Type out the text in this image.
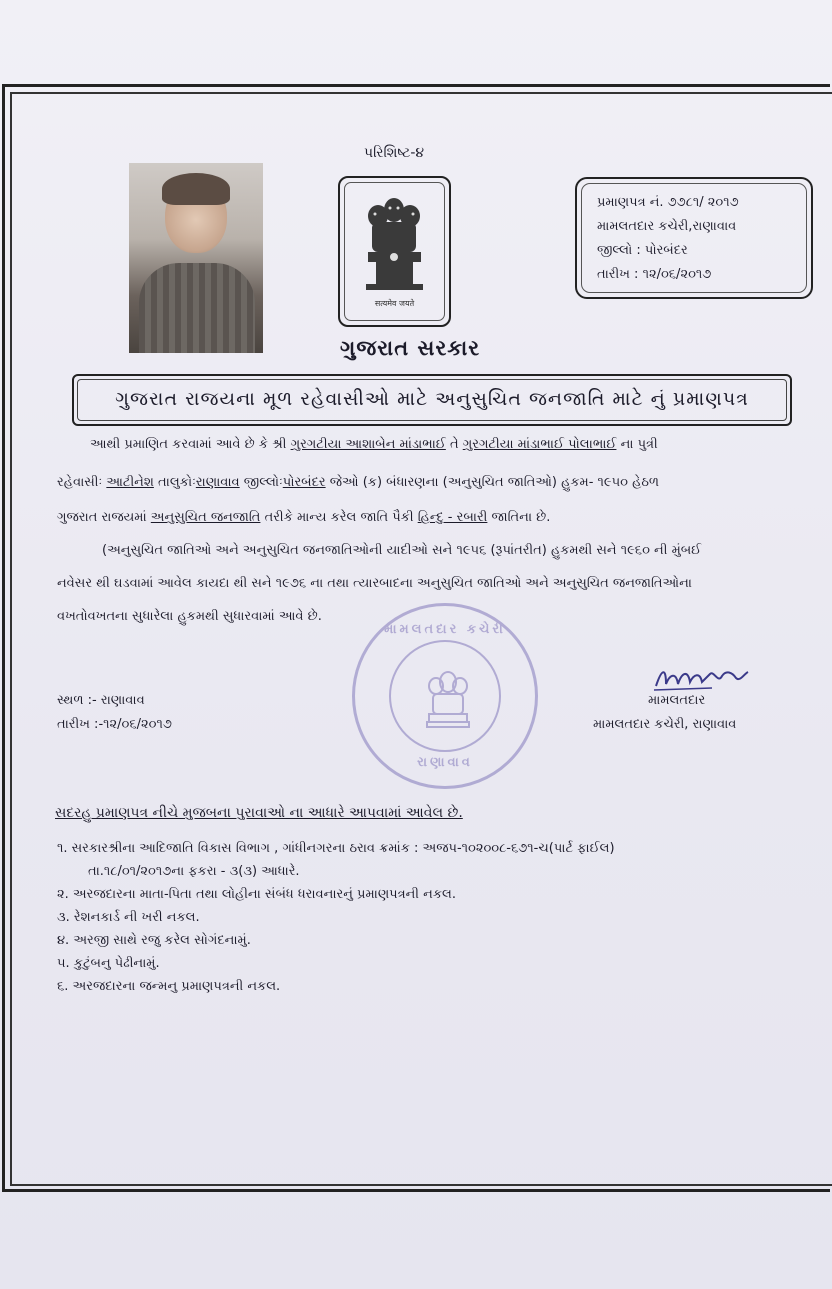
પરિશિષ્ટ-૪
सत्यमेव जयते
ગુજરાત સરકાર
પ્રમાણપત્ર નં. ૭૭૮૧/ ૨૦૧૭
મામલતદાર કચેરી,રાણાવાવ
જીલ્લો : પોરબંદર
તારીખ : ૧૨/૦૬/૨૦૧૭
ગુજરાત રાજયના મૂળ રહેવાસીઓ માટે અનુસુચિત જનજાતિ માટે નું પ્રમાણપત્ર
આથી પ્રમાણિત કરવામાં આવે છે કે શ્રી ગુરગટીયા આશાબેન માંડાભાઈ તે ગુરગટીયા માંડાભાઈ પોલાભાઈ ના પુત્રી
રહેવાસીઃ આટીનેશ તાલુકોઃરાણાવાવ જીલ્લોઃપોરબંદર જેઓ (ક) બંધારણના (અનુસુચિત જાતિઓ) હુકમ- ૧૯૫૦ હેઠળ
ગુજરાત રાજયમાં અનુસુચિત જનજાતિ તરીકે માન્ય કરેલ જાતિ પૈકી હિન્દુ - રબારી જાતિના છે.
(અનુસુચિત જાતિઓ અને અનુસુચિત જનજાતિઓની યાદીઓ સને ૧૯૫૬ (રૂપાંતરીત) હુકમથી સને ૧૯૬૦ ની મુંબઈ
નવેસર થી ઘડવામાં આવેલ કાયદા થી સને ૧૯૭૬ ના તથા ત્યારબાદના અનુસુચિત જાતિઓ અને અનુસુચિત જનજાતિઓના
વખતોવખતના સુધારેલા હુકમથી સુધારવામાં આવે છે.
મામલતદાર કચેરી
રાણાવાવ
મામલતદાર
મામલતદાર કચેરી, રાણાવાવ
સ્થળ :- રાણાવાવ
તારીખ :-૧૨/૦૬/૨૦૧૭
સદરહુ પ્રમાણપત્ર નીચે મુજબના પુરાવાઓ ના આધારે આપવામાં આવેલ છે.
૧. સરકારશ્રીના આદિજાતિ વિકાસ વિભાગ , ગાંધીનગરના ઠરાવ ક્રમાંક : અજપ-૧૦૨૦૦૮-૬૭૧-ચ(પાર્ટ ફાઈલ)
તા.૧૮/૦૧/૨૦૧૭ના ફકરા - ૩(૩) આધારે.
૨. અરજદારના માતા-પિતા તથા લોહીના સંબંધ ધરાવનારનું પ્રમાણપત્રની નકલ.
૩. રેશનકાર્ડ ની ખરી નકલ.
૪. અરજી સાથે રજુ કરેલ સોગંદનામું.
૫. કુટુંબનુ પેઢીનામું.
૬. અરજદારના જન્મનુ પ્રમાણપત્રની નકલ.
